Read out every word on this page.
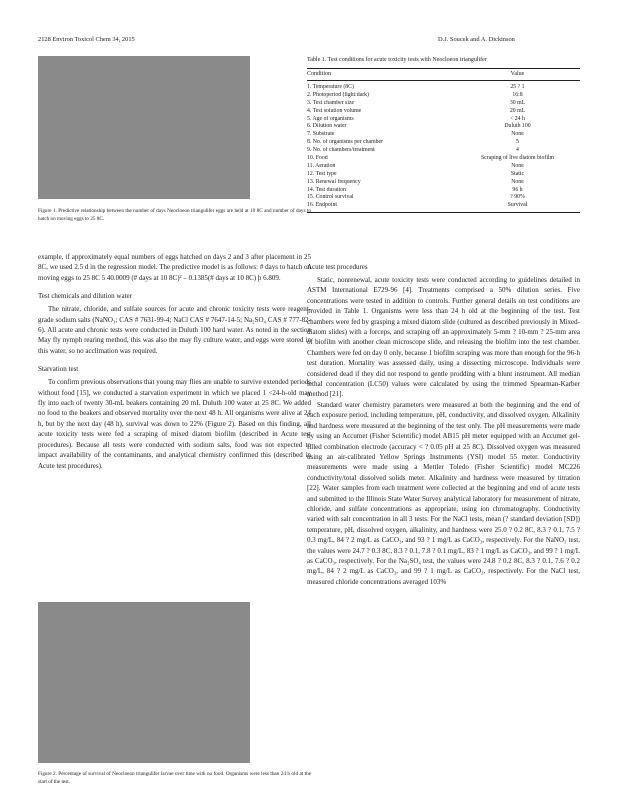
2128 Environ Toxicol Chem 34, 2015	D.J. Soucek and A. Dickinson
Figure 1. Predictive relationship between the number of days Neocloeon triangulifer eggs are held at 10 8C and number of days to hatch on moving eggs to 25 8C.

example, if approximately equal numbers of eggs hatched on days 2 and 3 after placement in 25 8C, we used 2.5 d in the regression model. The predictive model is as follows: # days to hatch on moving eggs to 25 8C 5 40.0009 (# days at 10 8C)² – 0.1385(# days at 10 8C) þ 6.809.

Test chemicals and dilution water

The nitrate, chloride, and sulfate sources for acute and chronic toxicity tests were reagent-grade sodium salts (NaNO₃; CAS # 7631-99-4; NaCl CAS # 7647-14-5; Na₂SO₄ CAS # 777-82-6). All acute and chronic tests were conducted in Duluth 100 hard water. As noted in the section May fly nymph rearing method, this was also the may fly culture water, and eggs were stored in this water, so no acclimation was required.

Starvation test

To confirm previous observations that young may flies are unable to survive extended periods without food [15], we conducted a starvation experiment in which we placed 1 <24-h-old may fly into each of twenty 30-mL beakers containing 20 mL Duluth 100 water at 25 8C. We added no food to the beakers and observed mortality over the next 48 h. All organisms were alive at 24 h, but by the next day (48 h), survival was down to 22% (Figure 2). Based on this finding, all acute toxicity tests were fed a scraping of mixed diatom biofilm (described in Acute test procedures). Because all tests were conducted with sodium salts, food was not expected to impact availability of the contaminants, and analytical chemistry confirmed this (described in Acute test procedures).

Figure 2. Percentage of survival of Neocloeon triangulifer larvae over time with no food. Organisms were less than 24 h old at the start of the test.
Table 1. Test conditions for acute toxicity tests with Neocloeon triangulifer
Condition	Value
1. Temperature (8C)	25 ? 1
2. Photoperiod (light:dark)	16:8
3. Test chamber size	30 mL
4. Test solution volume	20 mL
5. Age of organisms	< 24 h
6. Dilution water	Duluth 100
7. Substrate	None
8. No. of organisms per chamber	5
9. No. of chambers/treatment	4
10. Food	Scraping of live diatom biofilm
11. Aeration	None
12. Test type	Static
13. Renewal frequency	None
14. Test duration	96 h
15. Control survival	? 90%
16. Endpoint	Survival
Acute test procedures

Static, nonrenewal, acute toxicity tests were conducted according to guidelines detailed in ASTM International E729-96 [4]. Treatments comprised a 50% dilution series. Five concentrations were tested in addition to controls. Further general details on test conditions are provided in Table 1. Organisms were less than 24 h old at the beginning of the test. Test chambers were fed by grasping a mixed diatom slide (cultured as described previously in Mixed-diatom slides) with a forceps, and scraping off an approximately 5-mm ? 10-mm ? 25-mm area of biofilm with another clean microscope slide, and releasing the biofilm into the test chamber. Chambers were fed on day 0 only, because 1 biofilm scraping was more than enough for the 96-h test duration. Mortality was assessed daily, using a dissecting microscope. Individuals were considered dead if they did not respond to gentle prodding with a blunt instrument. All median lethal concentration (LC50) values were calculated by using the trimmed Spearman-Karber method [21].

Standard water chemistry parameters were measured at both the beginning and the end of each exposure period, including temperature, pH, conductivity, and dissolved oxygen. Alkalinity and hardness were measured at the beginning of the test only. The pH measurements were made by using an Accumet (Fisher Scientific) model AB15 pH meter equipped with an Accumet gel-filled combination electrode (accuracy < ? 0.05 pH at 25 8C). Dissolved oxygen was measured using an air-calibrated Yellow Springs Instruments (YSI) model 55 meter. Conductivity measurements were made using a Mettler Toledo (Fisher Scientific) model MC226 conductivity/total dissolved solids meter. Alkalinity and hardness were measured by titration [22]. Water samples from each treatment were collected at the beginning and end of acute tests and submitted to the Illinois State Water Survey analytical laboratory for measurement of nitrate, chloride, and sulfate concentrations as appropriate, using ion chromatography. Conductivity varied with salt concentration in all 3 tests. For the NaCl tests, mean (? standard deviation [SD]) temperature, pH, dissolved oxygen, alkalinity, and hardness were 25.0 ? 0.2 8C, 8.3 ? 0.1, 7.5 ? 0.3 mg/L, 84 ? 2 mg/L as CaCO₃, and 93 ? 1 mg/L as CaCO₃, respectively. For the NaNO₃ test, the values were 24.7 ? 0.3 8C, 8.3 ? 0.1, 7.8 ? 0.1 mg/L, 83 ? 1 mg/L as CaCO₃, and 99 ? 1 mg/L as CaCO₃, respectively. For the Na₂SO₄ test, the values were 24.8 ? 0.2 8C, 8.3 ? 0.1, 7.6 ? 0.2 mg/L, 84 ? 2 mg/L as CaCO₃, and 99 ? 1 mg/L as CaCO₃, respectively. For the NaCl test, measured chloride concentrations averaged 103%
